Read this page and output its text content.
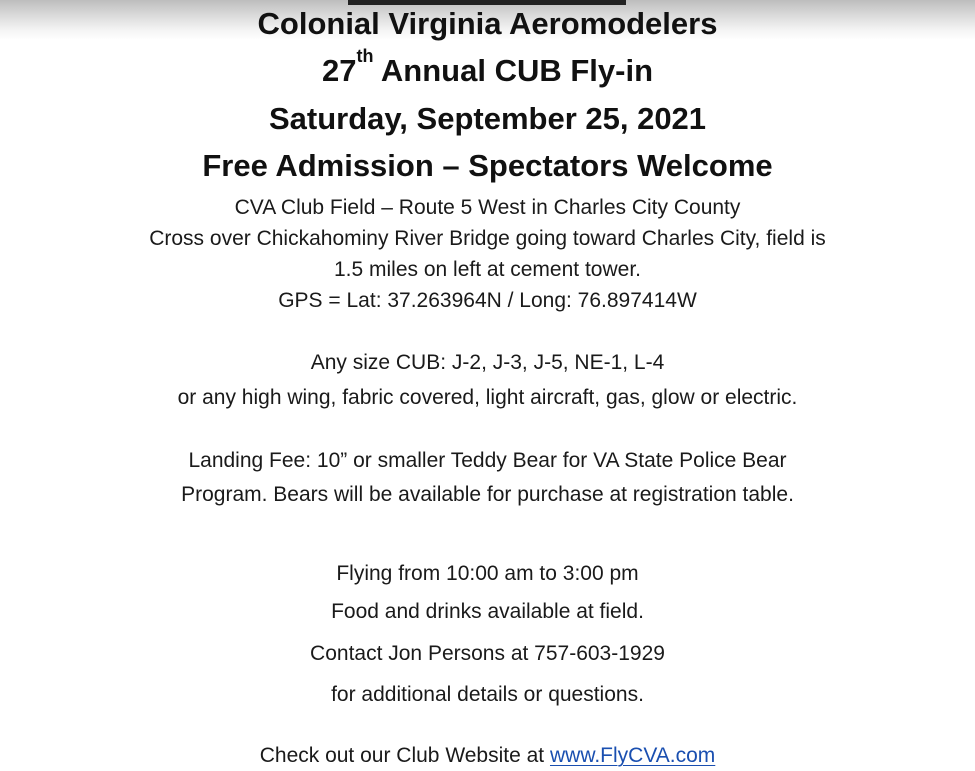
Colonial Virginia Aeromodelers
27th Annual CUB Fly-in
Saturday, September 25, 2021
Free Admission – Spectators Welcome
CVA Club Field – Route 5 West in Charles City County
Cross over Chickahominy River Bridge going toward Charles City, field is
1.5 miles on left at cement tower.
GPS = Lat: 37.263964N / Long: 76.897414W
Any size CUB: J-2, J-3, J-5, NE-1, L-4
or any high wing, fabric covered, light aircraft, gas, glow or electric.
Landing Fee: 10” or smaller Teddy Bear for VA State Police Bear
Program. Bears will be available for purchase at registration table.
Flying from 10:00 am to 3:00 pm
Food and drinks available at field.
Contact Jon Persons at 757-603-1929
for additional details or questions.
Check out our Club Website at www.FlyCVA.com
